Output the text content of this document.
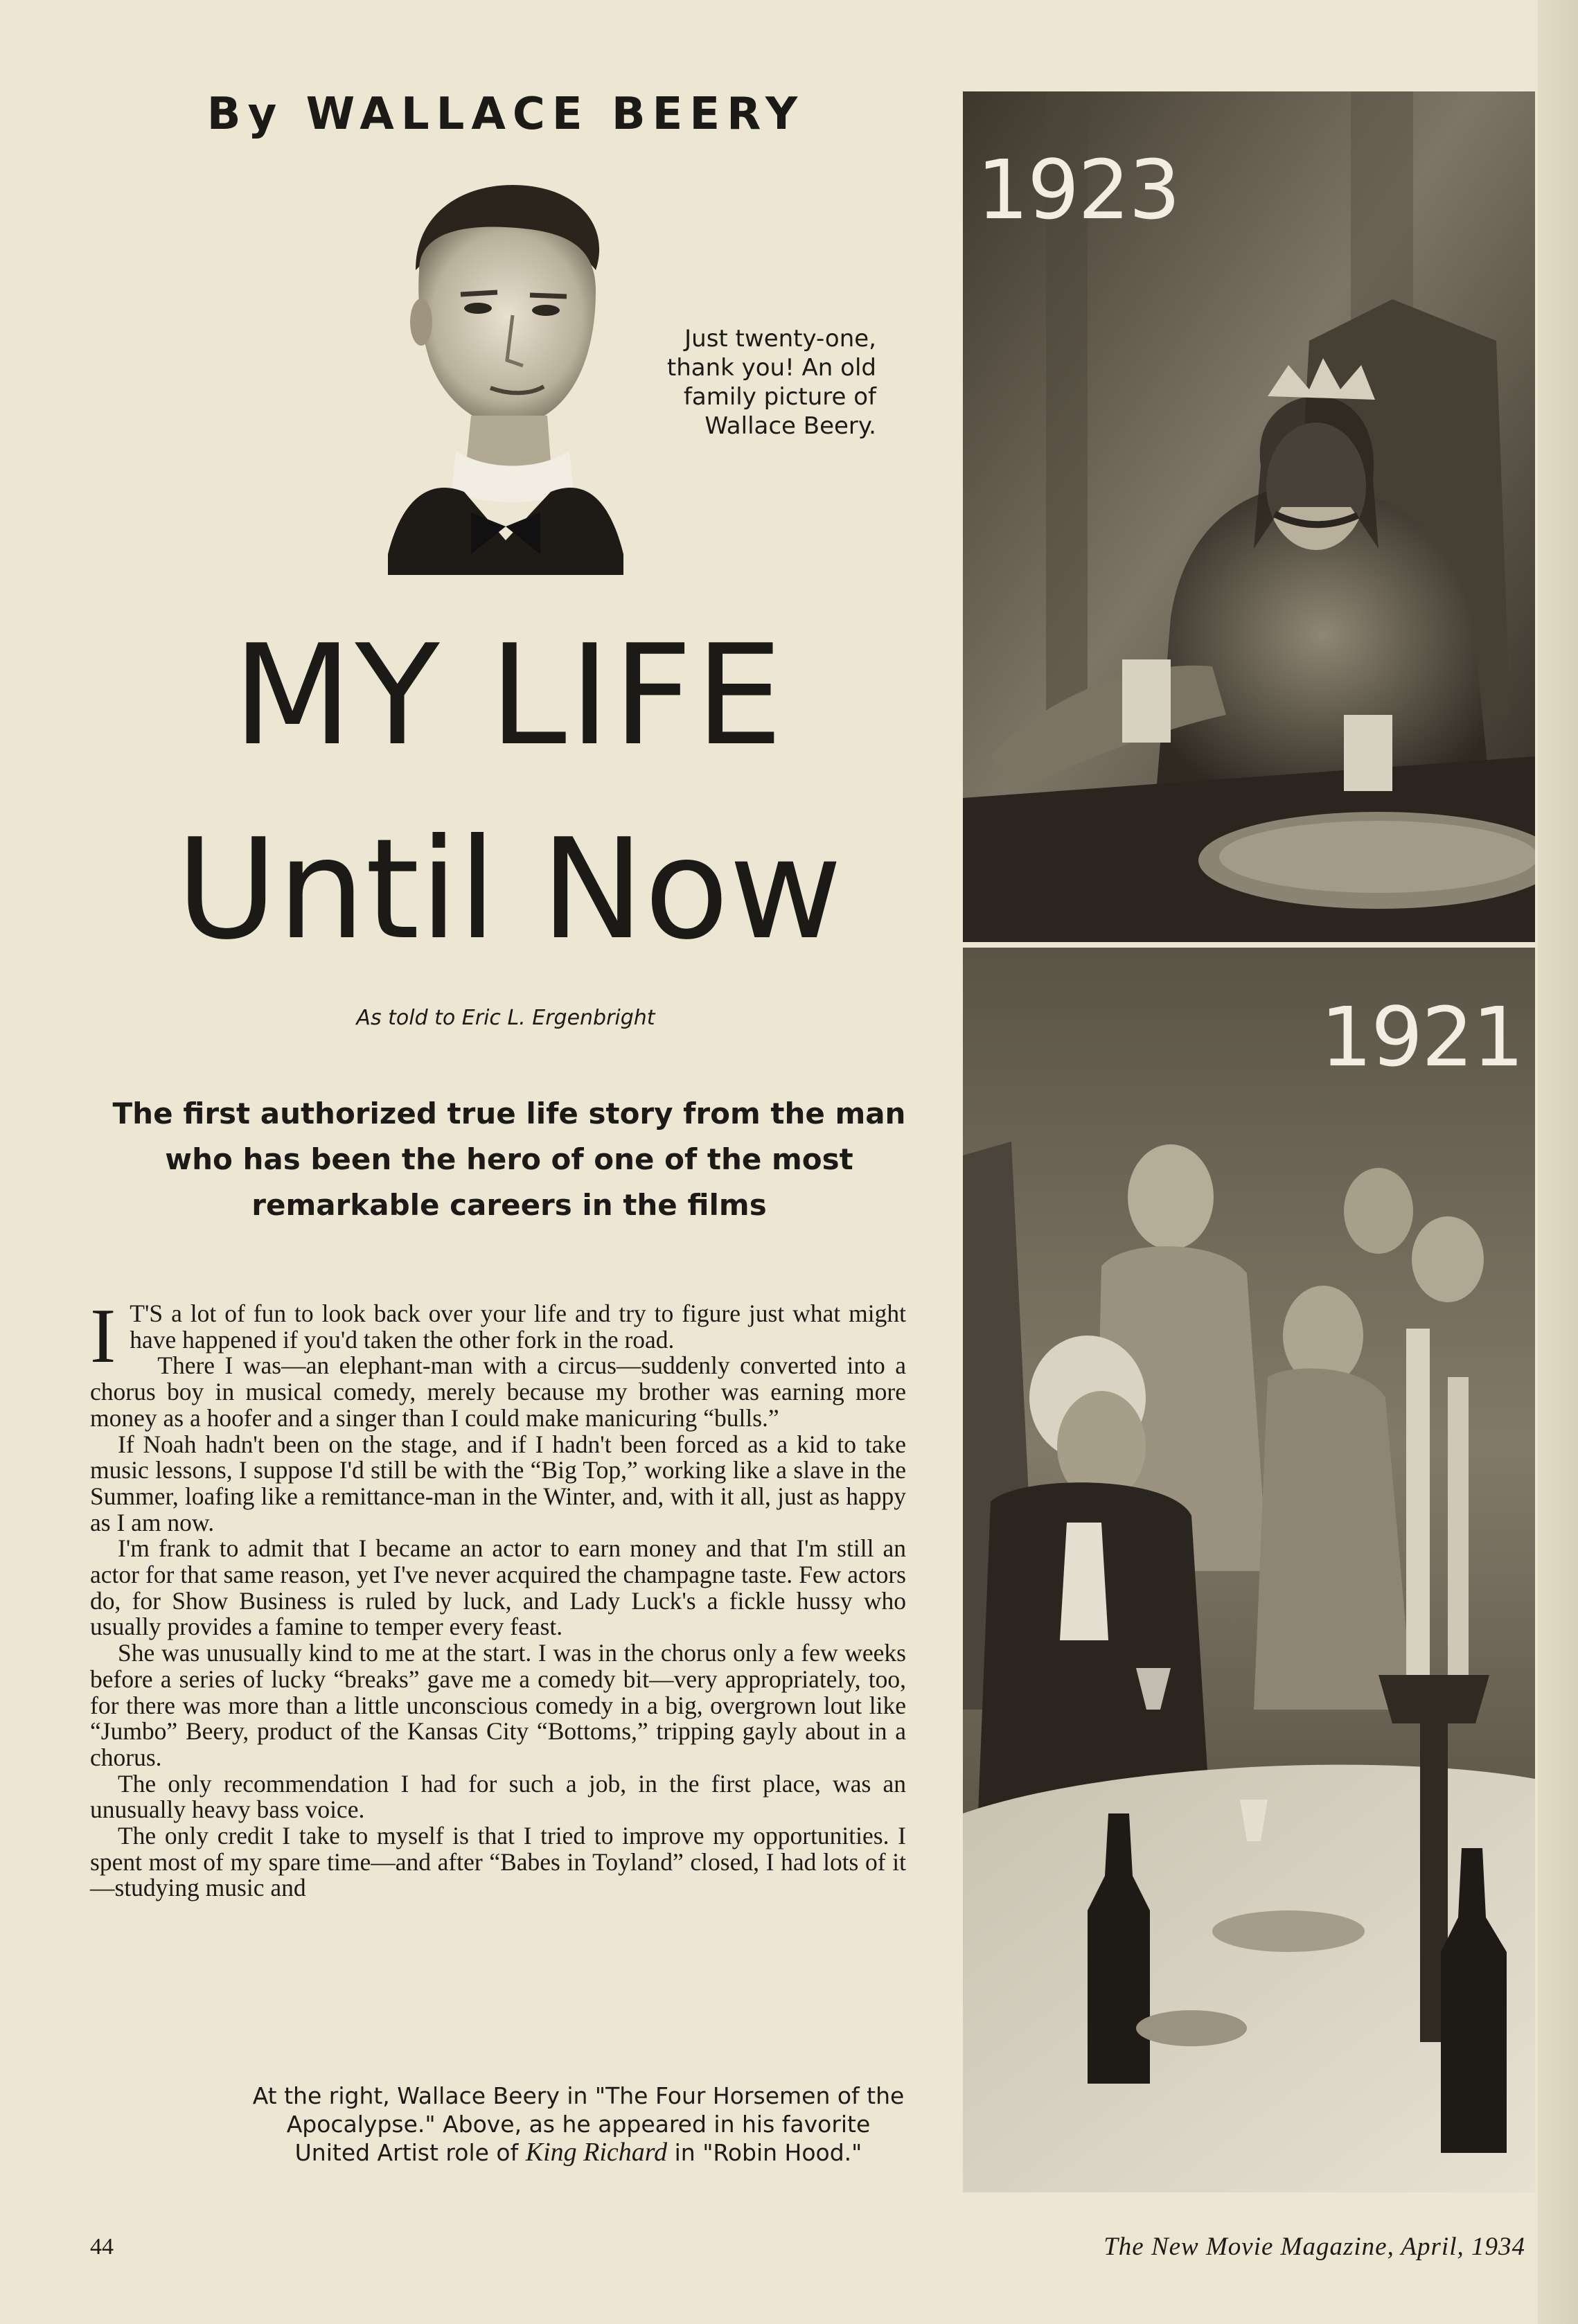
By WALLACE BEERY
Just twenty-one, thank you! An old family picture of Wallace Beery.
MY LIFE
Until Now
As told to Eric L. Ergenbright
The first authorized true life story from the man who has been the hero of one of the most remarkable careers in the films

I T'S a lot of fun to look back over your life and try to figure just what might have happened if you'd taken the other fork in the road.

There I was—an elephant-man with a circus—suddenly converted into a chorus boy in musical comedy, merely because my brother was earning more money as a hoofer and a singer than I could make manicuring “bulls.”

If Noah hadn't been on the stage, and if I hadn't been forced as a kid to take music lessons, I suppose I'd still be with the “Big Top,” working like a slave in the Summer, loafing like a remittance-man in the Winter, and, with it all, just as happy as I am now.

I'm frank to admit that I became an actor to earn money and that I'm still an actor for that same reason, yet I've never acquired the champagne taste. Few actors do, for Show Business is ruled by luck, and Lady Luck's a fickle hussy who usually provides a famine to temper every feast.

She was unusually kind to me at the start. I was in the chorus only a few weeks before a series of lucky “breaks” gave me a comedy bit—very appropriately, too, for there was more than a little unconscious comedy in a big, overgrown lout like “Jumbo” Beery, product of the Kansas City “Bottoms,” tripping gayly about in a chorus.

The only recommendation I had for such a job, in the first place, was an unusually heavy bass voice.

The only credit I take to myself is that I tried to improve my opportunities. I spent most of my spare time—and after “Babes in Toyland” closed, I had lots of it—studying music and

At the right, Wallace Beery in "The Four Horsemen of the Apocalypse." Above, as he appeared in his favorite United Artist role of King Richard in "Robin Hood."
1923
1921
44	The New Movie Magazine, April, 1934
